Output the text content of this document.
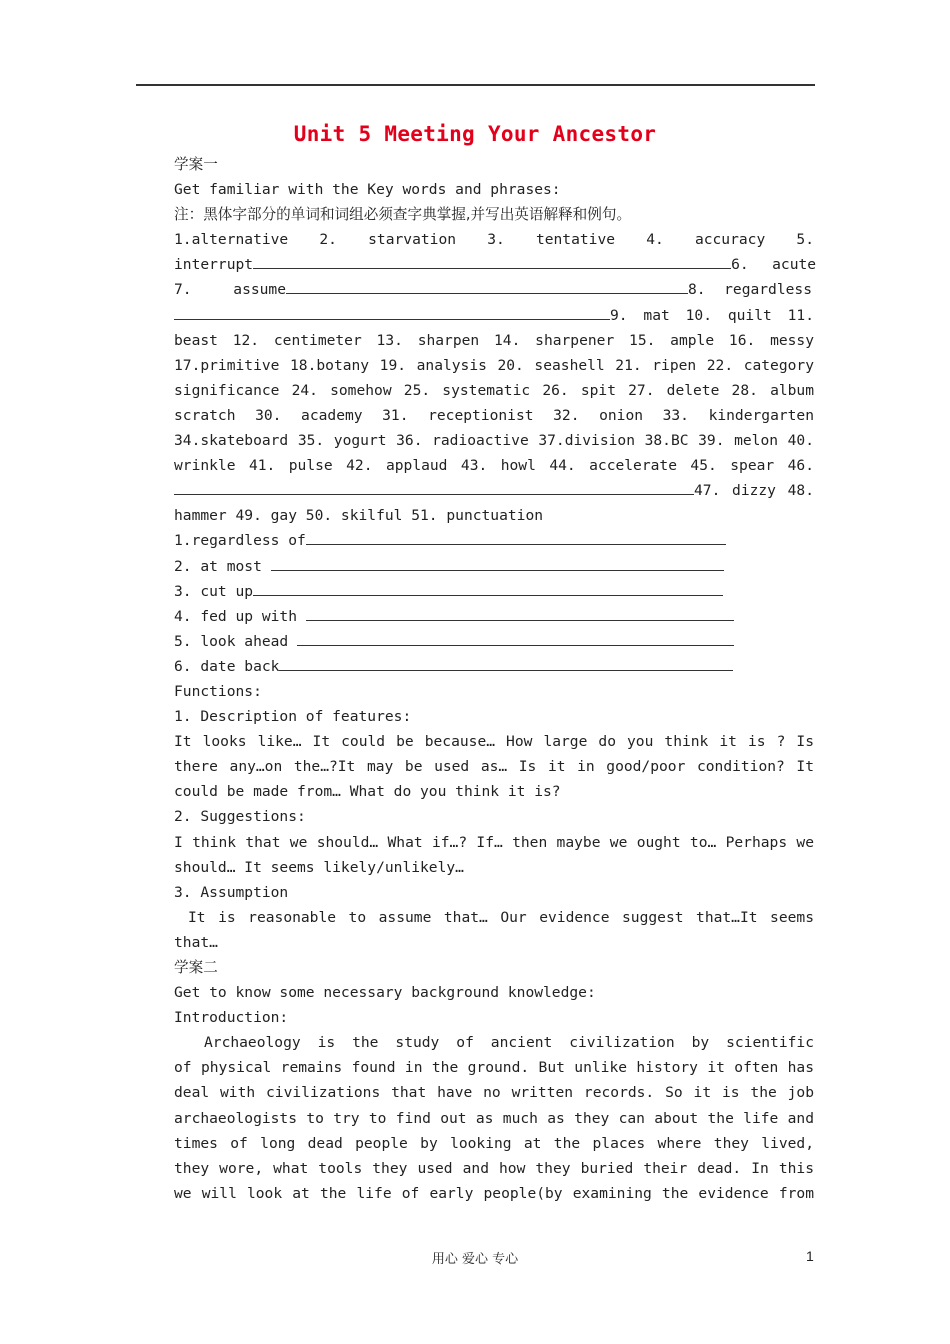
Unit 5 Meeting Your Ancestor
学案一
Get familiar with the Key words and phrases:
注：黑体字部分的单词和词组必须查字典掌握,并写出英语解释和例句。
1.alternative 2. starvation 3. tentative 4. accuracy 5.
interrupt	6. acute
7. assume	8. regardless
9. mat 10. quilt 11.
beast 12. centimeter 13. sharpen 14. sharpener 15. ample 16. messy
17.primitive 18.botany 19. analysis 20. seashell 21. ripen 22. category
significance 24. somehow 25. systematic 26. spit 27. delete 28. album
scratch 30. academy 31. receptionist 32. onion 33. kindergarten
34.skateboard 35. yogurt 36. radioactive 37.division 38.BC 39. melon 40.
wrinkle 41. pulse 42. applaud 43. howl 44. accelerate 45. spear 46.
47. dizzy 48.
hammer 49. gay 50. skilful 51. punctuation
1.regardless of
2. at most
3. cut up
4. fed up with
5. look ahead
6. date back
Functions:
1. Description of features:
It looks like… It could be because… How large do you think it is ? Is
there any…on the…?It may be used as… Is it in good/poor condition? It
could be made from… What do you think it is?
2. Suggestions:
I think that we should… What if…? If… then maybe we ought to… Perhaps we
should… It seems likely/unlikely…
3. Assumption
It is reasonable to assume that… Our evidence suggest that…It seems
that…
学案二
Get to know some necessary background knowledge:
Introduction:
Archaeology is the study of ancient civilization by scientific
of physical remains found in the ground. But unlike history it often has
deal with civilizations that have no written records. So it is the job
archaeologists to try to find out as much as they can about the life and
times of long dead people by looking at the places where they lived,
they wore, what tools they used and how they buried their dead. In this
we will look at the life of early people(by examining the evidence from
用心 爱心 专心	1
